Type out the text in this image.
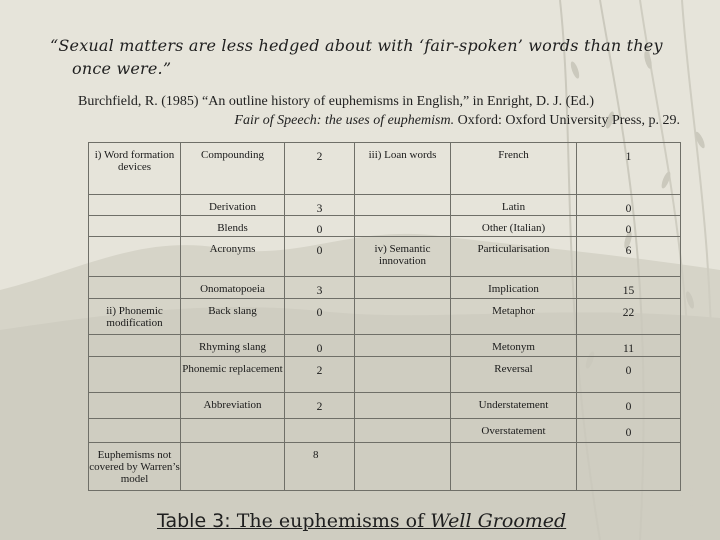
“Sexual matters are less hedged about with ‘fair-spoken’ words than they
once were.”
Burchfield, R. (1985) “An outline history of euphemisms in English,” in Enright, D. J. (Ed.)
Fair of Speech: the uses of euphemism. Oxford: Oxford University Press, p. 29.
i) Word formation devices	Compounding	2	iii) Loan words	French	1
	Derivation	3		Latin	0
	Blends	0		Other (Italian)	0
	Acronyms	0	iv) Semantic innovation	Particularisation	6
	Onomatopoeia	3		Implication	15
ii) Phonemic modification	Back slang	0		Metaphor	22
	Rhyming slang	0		Metonym	11
	Phonemic replacement	2		Reversal	0
	Abbreviation	2		Understatement	0
				Overstatement	0
Euphemisms not covered by Warren’s model		8			
Table 3: The euphemisms of Well Groomed
